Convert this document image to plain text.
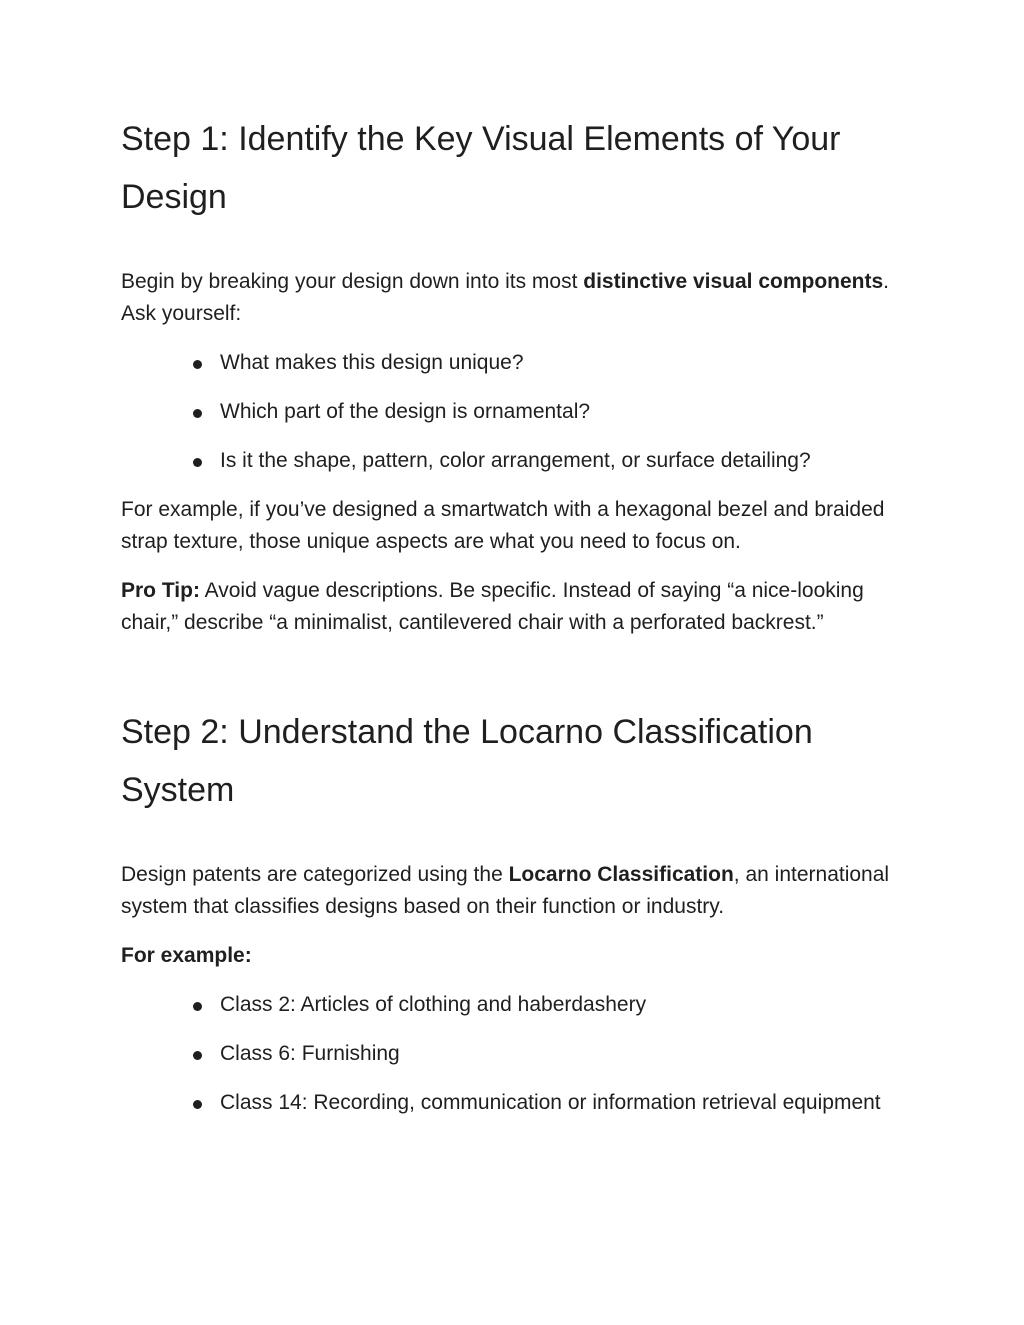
Step 1: Identify the Key Visual Elements of Your Design

Begin by breaking your design down into its most distinctive visual components. Ask yourself:

What makes this design unique?
Which part of the design is ornamental?
Is it the shape, pattern, color arrangement, or surface detailing?

For example, if you’ve designed a smartwatch with a hexagonal bezel and braided strap texture, those unique aspects are what you need to focus on.

Pro Tip: Avoid vague descriptions. Be specific. Instead of saying “a nice-looking chair,” describe “a minimalist, cantilevered chair with a perforated backrest.”

Step 2: Understand the Locarno Classification System

Design patents are categorized using the Locarno Classification, an international system that classifies designs based on their function or industry.

For example:

Class 2: Articles of clothing and haberdashery
Class 6: Furnishing
Class 14: Recording, communication or information retrieval equipment
